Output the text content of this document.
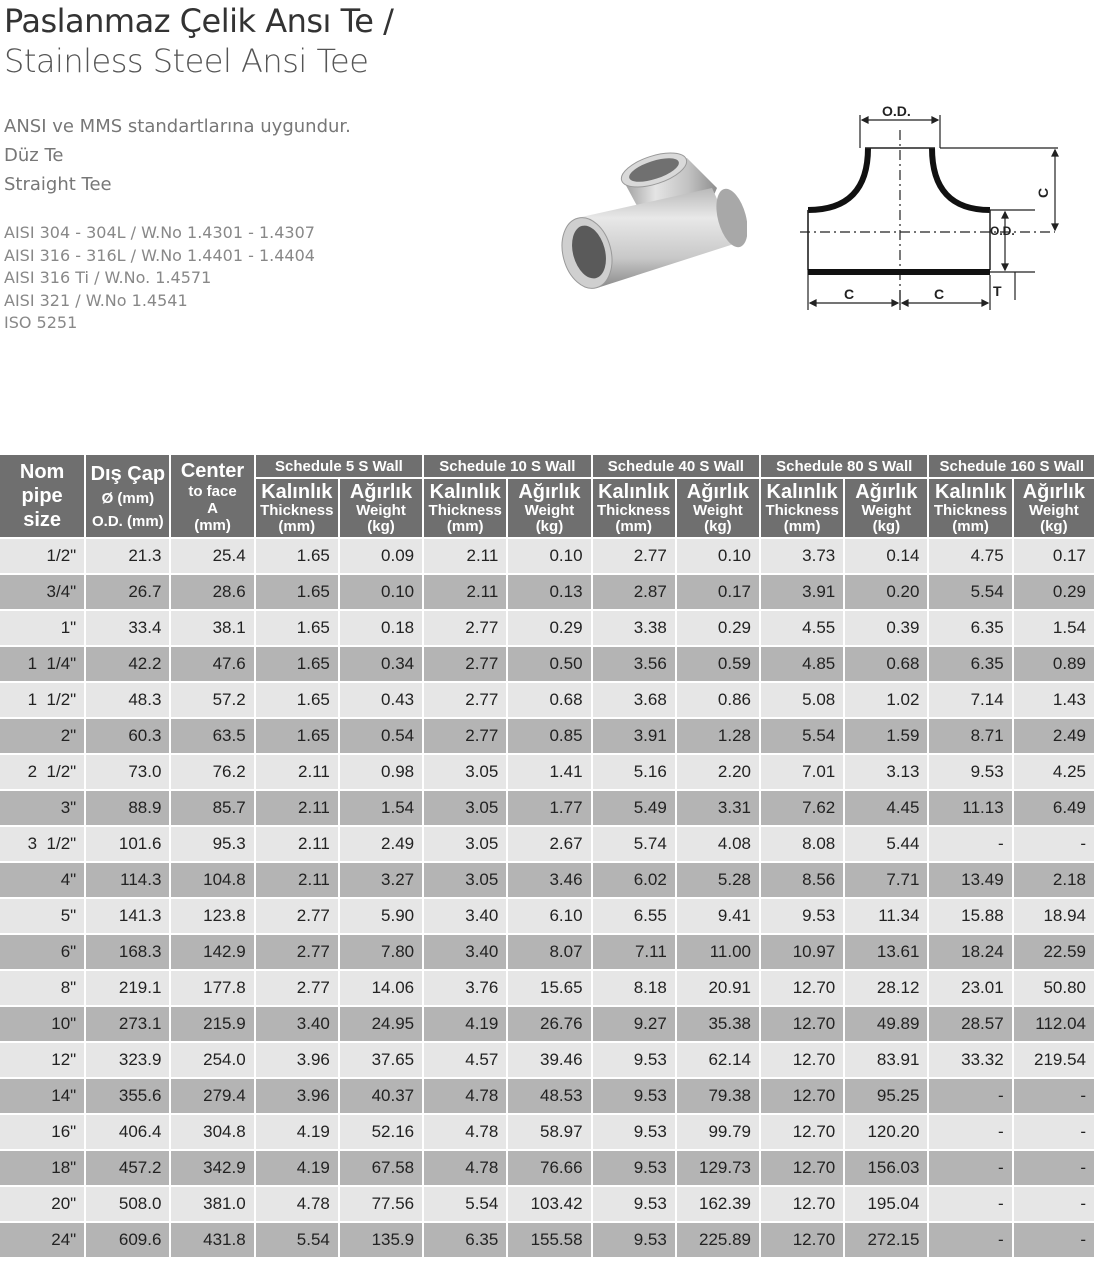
Paslanmaz Çelik Ansı Te /
Stainless Steel Ansi Tee
ANSI ve MMS standartlarına uygundur.
Düz Te
Straight Tee
AISI 304 - 304L / W.No 1.4301 - 1.4307
AISI 316 - 316L / W.No 1.4401 - 1.4404
AISI 316 Ti / W.No. 1.4571
AISI 321 / W.No 1.4541
ISO 5251
O.D.
O.D.
C
C	C	T
Nom
pipe
size	Dış Çap
Ø (mm)
O.D. (mm)	Center
to face
A
(mm)	Schedule 5 S Wall		Schedule 10 S Wall		Schedule 40 S Wall		Schedule 80 S Wall		Schedule 160 S Wall	

			Kalınlık
Thickness
(mm)	Ağırlık
Weight
(kg)	Kalınlık
Thickness
(mm)	Ağırlık
Weight
(kg)	Kalınlık
Thickness
(mm)	Ağırlık
Weight
(kg)	Kalınlık
Thickness
(mm)	Ağırlık
Weight
(kg)	Kalınlık
Thickness
(mm)	Ağırlık
Weight
(kg)

1/2"	21.3	25.4	1.65	0.09	2.11	0.10	2.77	0.10	3.73	0.14	4.75	0.17
3/4"	26.7	28.6	1.65	0.10	2.11	0.13	2.87	0.17	3.91	0.20	5.54	0.29
1"	33.4	38.1	1.65	0.18	2.77	0.29	3.38	0.29	4.55	0.39	6.35	1.54
1  1/4"	42.2	47.6	1.65	0.34	2.77	0.50	3.56	0.59	4.85	0.68	6.35	0.89
1  1/2"	48.3	57.2	1.65	0.43	2.77	0.68	3.68	0.86	5.08	1.02	7.14	1.43
2"	60.3	63.5	1.65	0.54	2.77	0.85	3.91	1.28	5.54	1.59	8.71	2.49
2  1/2"	73.0	76.2	2.11	0.98	3.05	1.41	5.16	2.20	7.01	3.13	9.53	4.25
3"	88.9	85.7	2.11	1.54	3.05	1.77	5.49	3.31	7.62	4.45	11.13	6.49
3  1/2"	101.6	95.3	2.11	2.49	3.05	2.67	5.74	4.08	8.08	5.44	-	-
4"	114.3	104.8	2.11	3.27	3.05	3.46	6.02	5.28	8.56	7.71	13.49	2.18
5"	141.3	123.8	2.77	5.90	3.40	6.10	6.55	9.41	9.53	11.34	15.88	18.94
6"	168.3	142.9	2.77	7.80	3.40	8.07	7.11	11.00	10.97	13.61	18.24	22.59
8"	219.1	177.8	2.77	14.06	3.76	15.65	8.18	20.91	12.70	28.12	23.01	50.80
10"	273.1	215.9	3.40	24.95	4.19	26.76	9.27	35.38	12.70	49.89	28.57	112.04
12"	323.9	254.0	3.96	37.65	4.57	39.46	9.53	62.14	12.70	83.91	33.32	219.54
14"	355.6	279.4	3.96	40.37	4.78	48.53	9.53	79.38	12.70	95.25	-	-
16"	406.4	304.8	4.19	52.16	4.78	58.97	9.53	99.79	12.70	120.20	-	-
18"	457.2	342.9	4.19	67.58	4.78	76.66	9.53	129.73	12.70	156.03	-	-
20"	508.0	381.0	4.78	77.56	5.54	103.42	9.53	162.39	12.70	195.04	-	-
24"	609.6	431.8	5.54	135.9	6.35	155.58	9.53	225.89	12.70	272.15	-	-
